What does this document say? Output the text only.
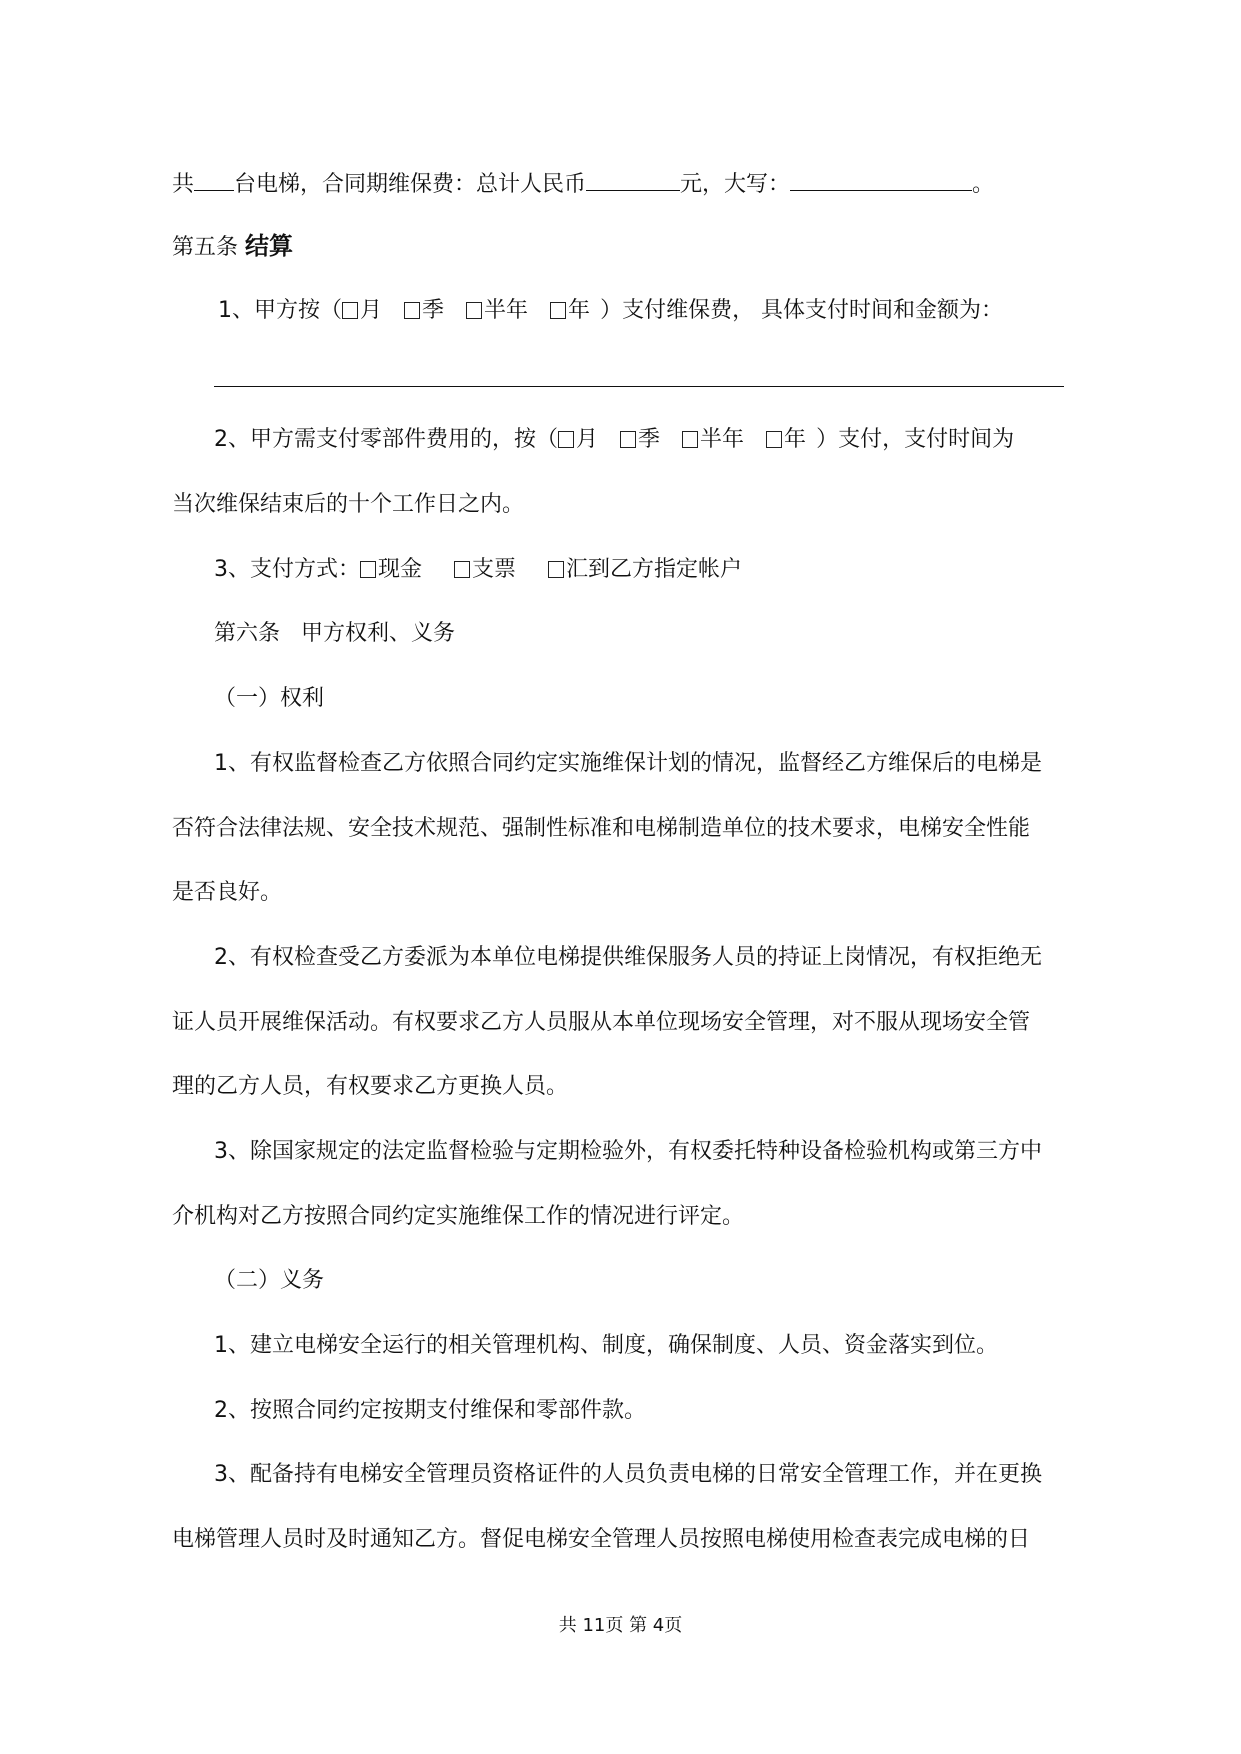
共 台电梯，合同期维保费：总计人民币	元，大写：	。
第五条 结算
1、甲方按（ 月 季 半年 年 ）支付维保费， 具体支付时间和金额为：
2、甲方需支付零部件费用的，按（ 月 季 半年 年 ）支付，支付时间为
当次维保结束后的十个工作日之内。
3、支付方式： 现金 支票 汇到乙方指定帐户
第六条 甲方权利、义务
（一）权利
1、有权监督检查乙方依照合同约定实施维保计划的情况，监督经乙方维保后的电梯是
否符合法律法规、安全技术规范、强制性标准和电梯制造单位的技术要求，电梯安全性能
是否良好。
2、有权检查受乙方委派为本单位电梯提供维保服务人员的持证上岗情况，有权拒绝无
证人员开展维保活动。有权要求乙方人员服从本单位现场安全管理，对不服从现场安全管
理的乙方人员，有权要求乙方更换人员。
3、除国家规定的法定监督检验与定期检验外，有权委托特种设备检验机构或第三方中
介机构对乙方按照合同约定实施维保工作的情况进行评定。
（二）义务
1、建立电梯安全运行的相关管理机构、制度，确保制度、人员、资金落实到位。
2、按照合同约定按期支付维保和零部件款。
3、配备持有电梯安全管理员资格证件的人员负责电梯的日常安全管理工作，并在更换
电梯管理人员时及时通知乙方。督促电梯安全管理人员按照电梯使用检查表完成电梯的日
共 11页 第 4页
